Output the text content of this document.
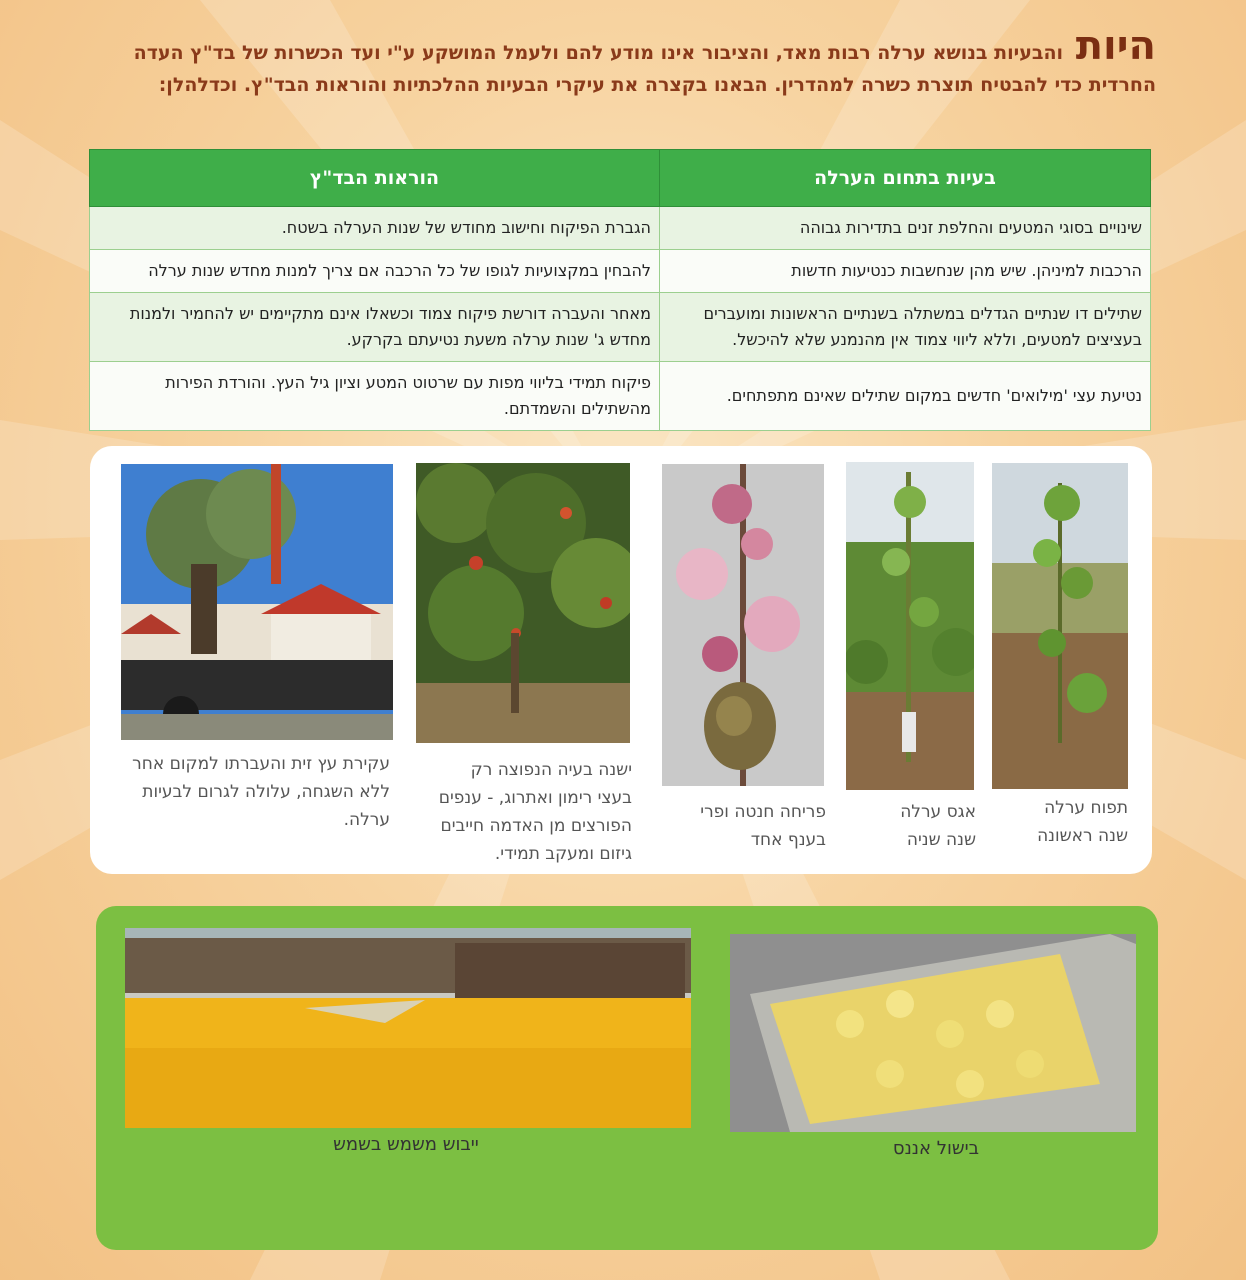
היות והבעיות בנושא ערלה רבות מאד, והציבור אינו מודע להם ולעמל המושקע ע"י ועד הכשרות של בד"ץ העדה החרדית כדי להבטיח תוצרת כשרה למהדרין. הבאנו בקצרה את עיקרי הבעיות ההלכתיות והוראות הבד"ץ. וכדלהלן:
בעיות בתחום הערלה	הוראות הבד"ץ
שינויים בסוגי המטעים והחלפת זנים בתדירות גבוהה	הגברת הפיקוח וחישוב מחודש של שנות הערלה בשטח.
הרכבות למיניהן. שיש מהן שנחשבות כנטיעות חדשות	להבחין במקצועיות לגופו של כל הרכבה אם צריך למנות מחדש שנות ערלה
שתילים דו שנתיים הגדלים במשתלה בשנתיים הראשונות ומועברים בעציצים למטעים, וללא ליווי צמוד אין מהנמנע שלא להיכשל.	מאחר והעברה דורשת פיקוח צמוד וכשאלו אינם מתקיימים יש להחמיר ולמנות מחדש ג' שנות ערלה משעת נטיעתם בקרקע.
נטיעת עצי 'מילואים' חדשים במקום שתילים שאינם מתפתחים.	פיקוח תמידי בליווי מפות עם שרטוט המטע וציון גיל העץ. והורדת הפירות מהשתילים והשמדתם.
תפוח ערלה
שנה ראשונה
אגס ערלה
שנה שניה
פריחה חנטה ופרי
בענף אחד
ישנה בעיה הנפוצה רק
בעצי רימון ואתרוג, - ענפים
הפורצים מן האדמה חייבים
גיזום ומעקב תמידי.
עקירת עץ זית והעברתו למקום אחר
ללא השגחה, עלולה לגרום לבעיות
ערלה.
בישול אננס
ייבוש משמש בשמש
